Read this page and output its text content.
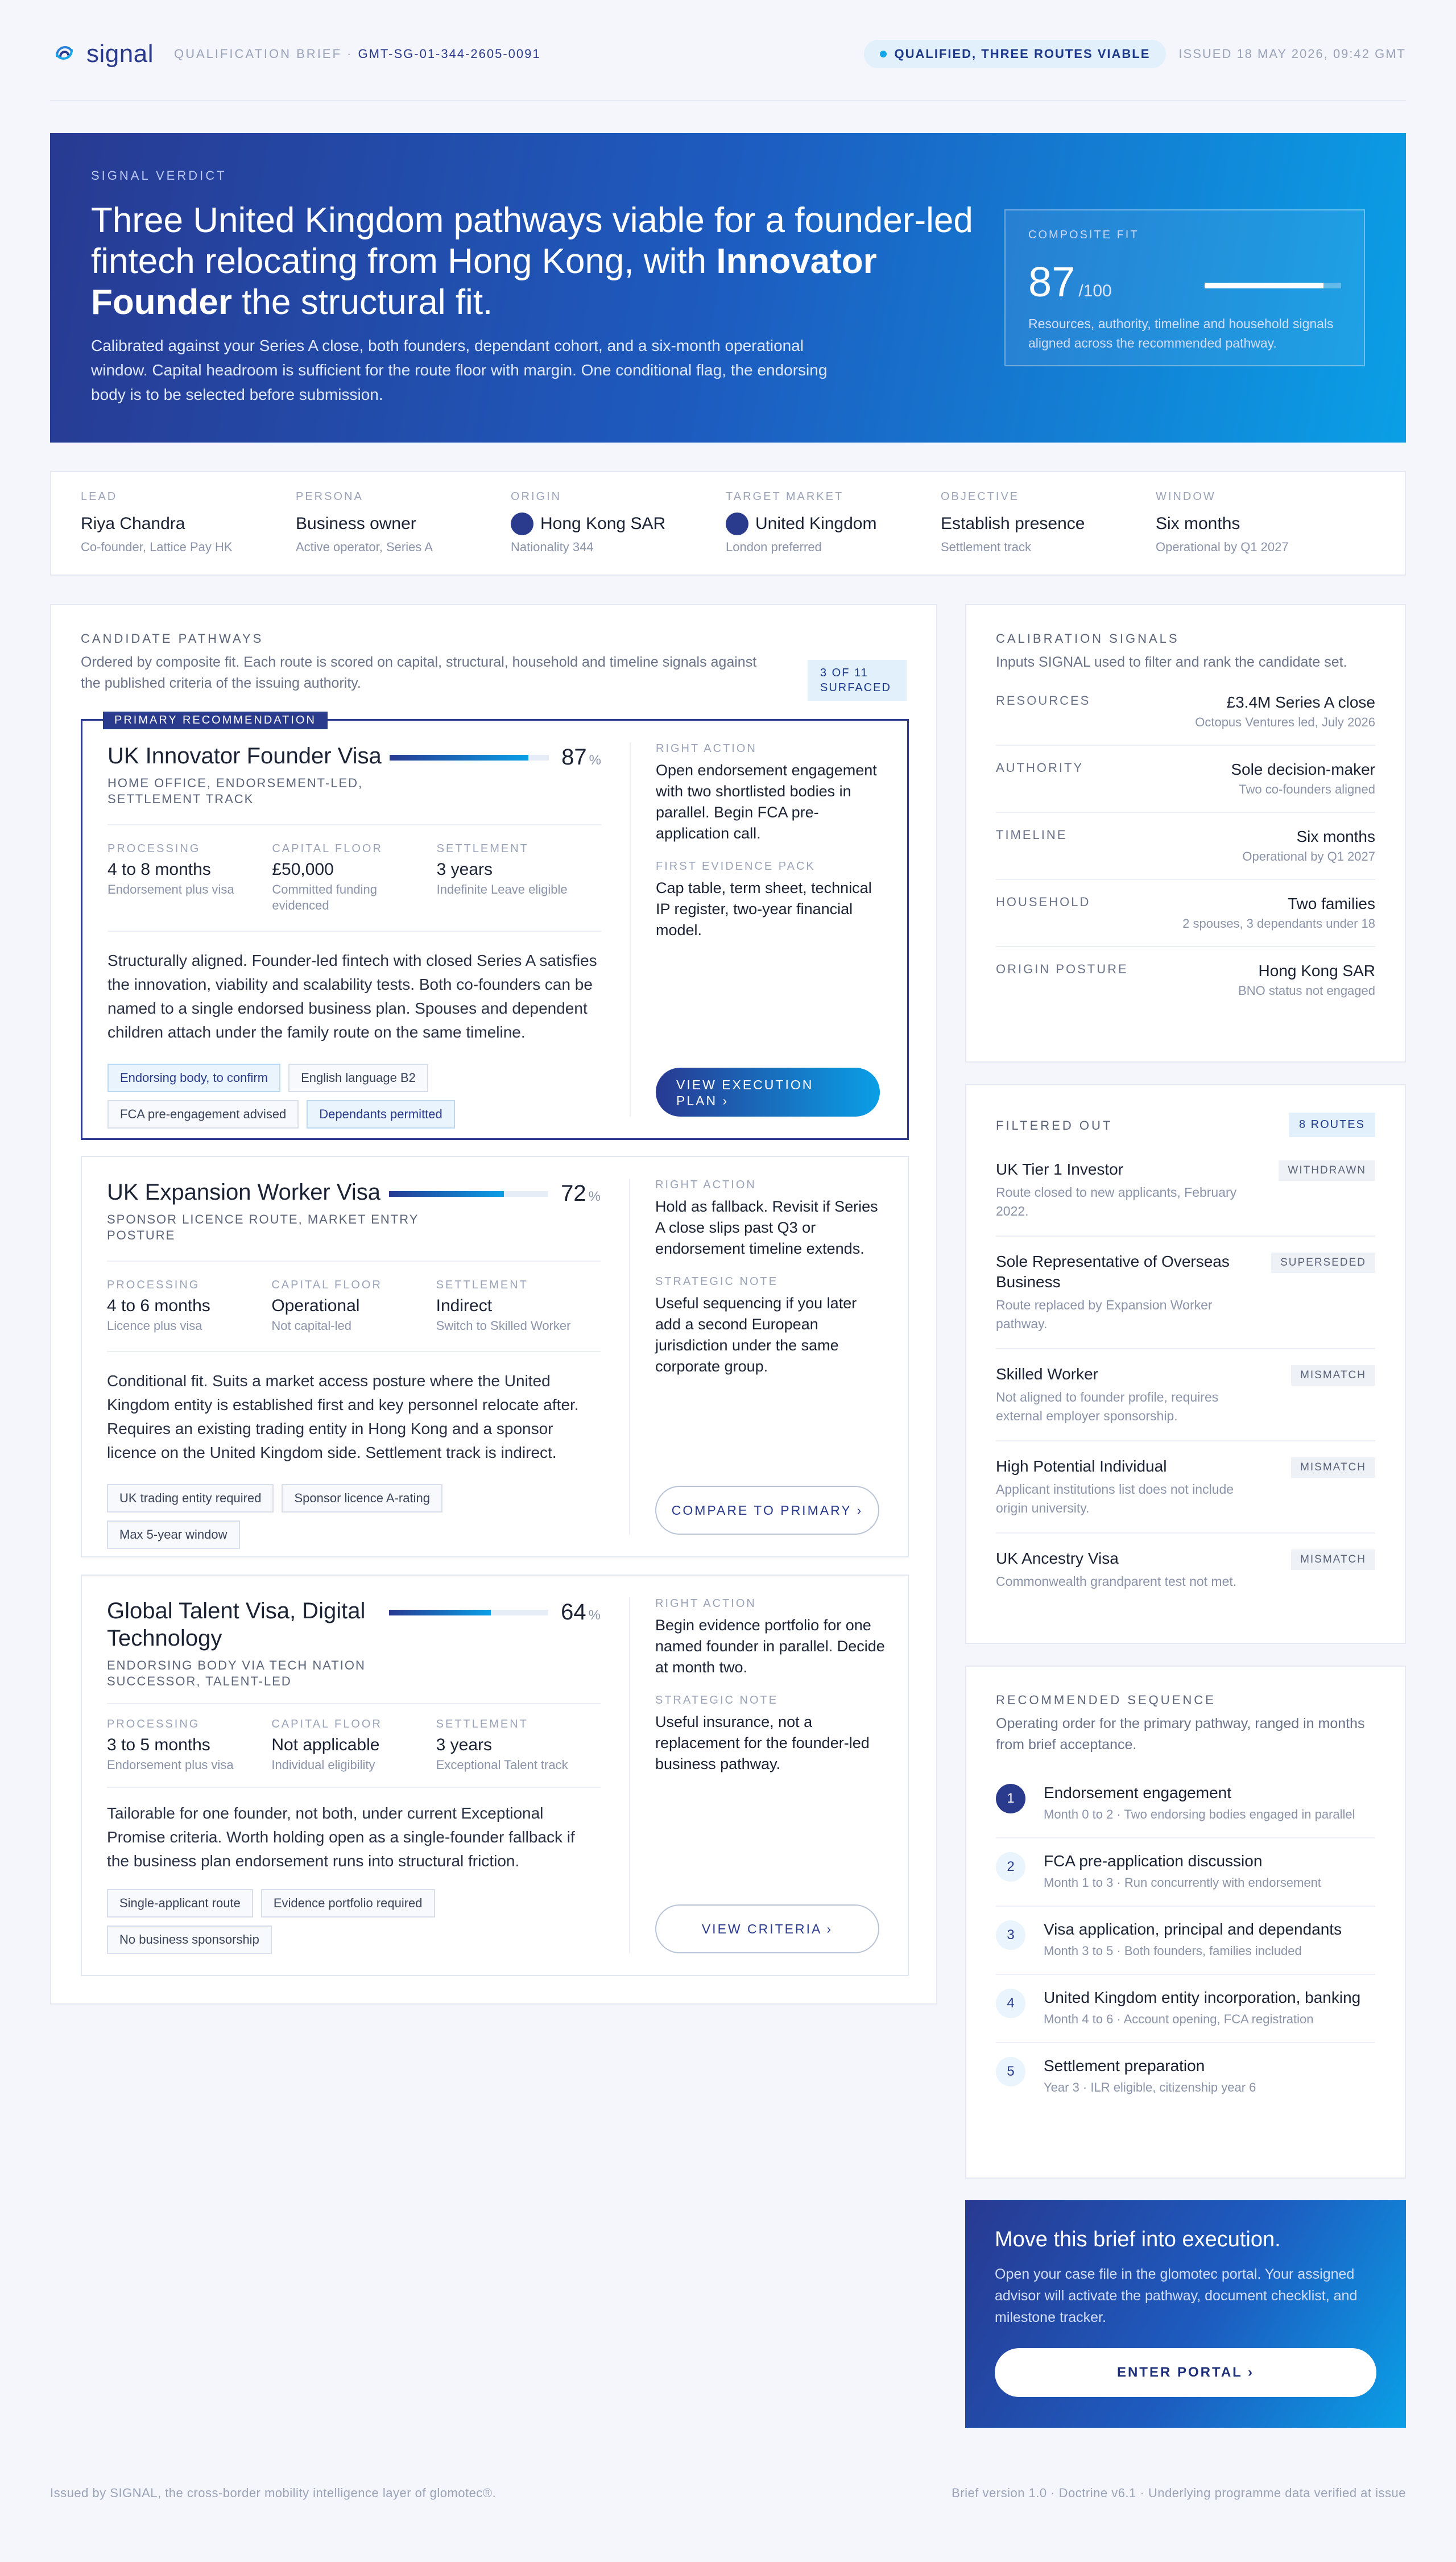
signal QUALIFICATION BRIEF · GMT-SG-01-344-2605-0091	QUALIFIED, THREE ROUTES VIABLE ISSUED 18 MAY 2026, 09:42 GMT
SIGNAL VERDICT
Three United Kingdom pathways viable for a founder-led fintech relocating from Hong Kong, with Innovator Founder the structural fit.
Calibrated against your Series A close, both founders, dependant cohort, and a six-month operational window. Capital headroom is sufficient for the route floor with margin. One conditional flag, the endorsing body is to be selected before submission.
COMPOSITE FIT
87 /100
Resources, authority, timeline and household signals aligned across the recommended pathway.
LEAD
Riya Chandra
Co-founder, Lattice Pay HK
PERSONA
Business owner
Active operator, Series A
ORIGIN
Hong Kong SAR
Nationality 344
TARGET MARKET
United Kingdom
London preferred
OBJECTIVE
Establish presence
Settlement track
WINDOW
Six months
Operational by Q1 2027
CANDIDATE PATHWAYS
Ordered by composite fit. Each route is scored on capital, structural, household and timeline signals against the published criteria of the issuing authority.
3 OF 11 SURFACED
PRIMARY RECOMMENDATION
UK Innovator Founder Visa	87 %
HOME OFFICE, ENDORSEMENT-LED, SETTLEMENT TRACK
PROCESSING
4 to 8 months
Endorsement plus visa
CAPITAL FLOOR
£50,000
Committed funding evidenced
SETTLEMENT
3 years
Indefinite Leave eligible
Structurally aligned. Founder-led fintech with closed Series A satisfies the innovation, viability and scalability tests. Both co-founders can be named to a single endorsed business plan. Spouses and dependent children attach under the family route on the same timeline.
Endorsing body, to confirm	English language B2
FCA pre-engagement advised	Dependants permitted
RIGHT ACTION
Open endorsement engagement with two shortlisted bodies in parallel. Begin FCA pre-application call.
FIRST EVIDENCE PACK
Cap table, term sheet, technical IP register, two-year financial model.
VIEW EXECUTION PLAN ›
UK Expansion Worker Visa	72 %
SPONSOR LICENCE ROUTE, MARKET ENTRY POSTURE
PROCESSING
4 to 6 months
Licence plus visa
CAPITAL FLOOR
Operational
Not capital-led
SETTLEMENT
Indirect
Switch to Skilled Worker
Conditional fit. Suits a market access posture where the United Kingdom entity is established first and key personnel relocate after. Requires an existing trading entity in Hong Kong and a sponsor licence on the United Kingdom side. Settlement track is indirect.
UK trading entity required	Sponsor licence A-rating
Max 5-year window
RIGHT ACTION
Hold as fallback. Revisit if Series A close slips past Q3 or endorsement timeline extends.
STRATEGIC NOTE
Useful sequencing if you later add a second European jurisdiction under the same corporate group.
COMPARE TO PRIMARY ›
Global Talent Visa, Digital Technology
64 %
ENDORSING BODY VIA TECH NATION SUCCESSOR, TALENT-LED
PROCESSING
3 to 5 months
Endorsement plus visa
CAPITAL FLOOR
Not applicable
Individual eligibility
SETTLEMENT
3 years
Exceptional Talent track
Tailorable for one founder, not both, under current Exceptional Promise criteria. Worth holding open as a single-founder fallback if the business plan endorsement runs into structural friction.
Single-applicant route	Evidence portfolio required
No business sponsorship
RIGHT ACTION
Begin evidence portfolio for one named founder in parallel. Decide at month two.
STRATEGIC NOTE
Useful insurance, not a replacement for the founder-led business pathway.
VIEW CRITERIA ›
CALIBRATION SIGNALS
Inputs SIGNAL used to filter and rank the candidate set.
RESOURCES	£3.4M Series A close
Octopus Ventures led, July 2026
AUTHORITY	Sole decision-maker
Two co-founders aligned
TIMELINE	Six months
Operational by Q1 2027
HOUSEHOLD	Two families
2 spouses, 3 dependants under 18
ORIGIN POSTURE	Hong Kong SAR
BNO status not engaged
FILTERED OUT	8 ROUTES
UK Tier 1 Investor
Route closed to new applicants, February 2022.
WITHDRAWN
Sole Representative of Overseas Business
Route replaced by Expansion Worker pathway.
SUPERSEDED
Skilled Worker
Not aligned to founder profile, requires external employer sponsorship.
MISMATCH
High Potential Individual
Applicant institutions list does not include origin university.
MISMATCH
UK Ancestry Visa
Commonwealth grandparent test not met.
MISMATCH
RECOMMENDED SEQUENCE
Operating order for the primary pathway, ranged in months from brief acceptance.
1	Endorsement engagement
Month 0 to 2 · Two endorsing bodies engaged in parallel
2	FCA pre-application discussion
Month 1 to 3 · Run concurrently with endorsement
3	Visa application, principal and dependants
Month 3 to 5 · Both founders, families included
4	United Kingdom entity incorporation, banking
Month 4 to 6 · Account opening, FCA registration
5	Settlement preparation
Year 3 · ILR eligible, citizenship year 6
Move this brief into execution.
Open your case file in the glomotec portal. Your assigned advisor will activate the pathway, document checklist, and milestone tracker.
ENTER PORTAL ›
Issued by SIGNAL, the cross-border mobility intelligence layer of glomotec®.	Brief version 1.0 · Doctrine v6.1 · Underlying programme data verified at issue
